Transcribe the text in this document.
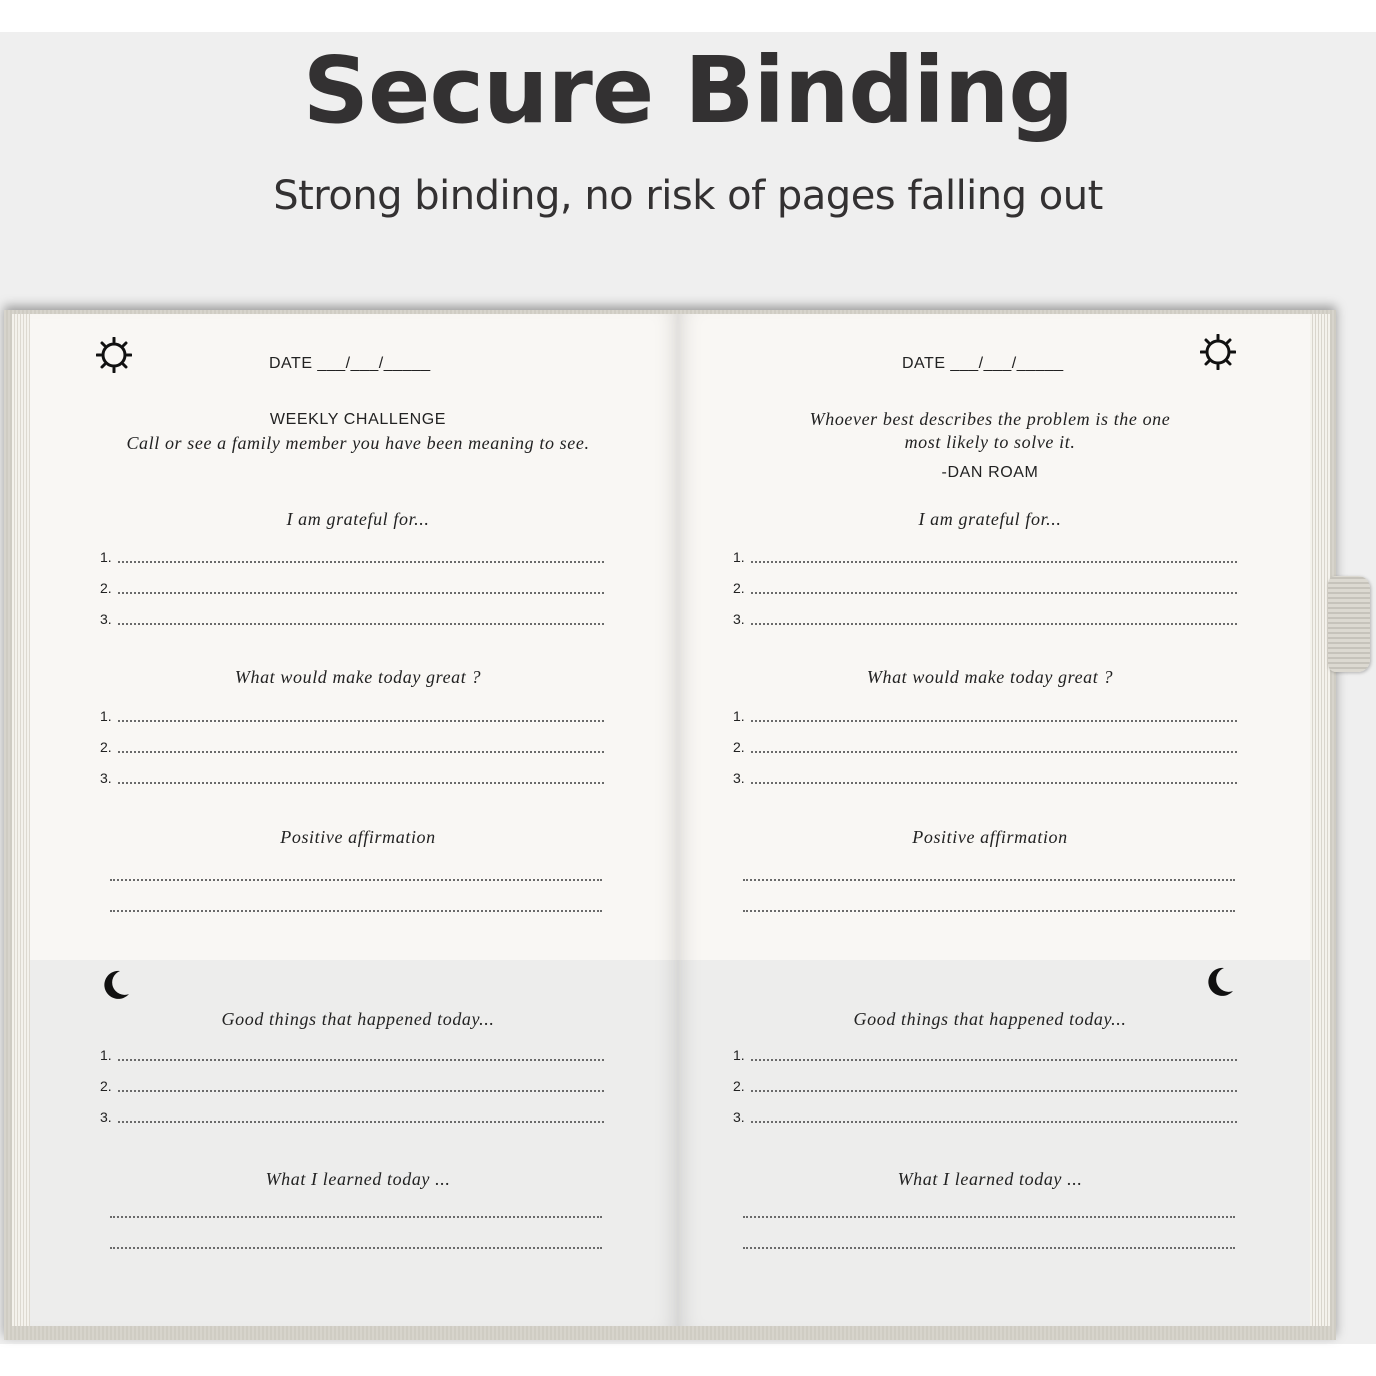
Secure Binding
Strong binding, no risk of pages falling out
DATE ___/___/_____
WEEKLY CHALLENGE
Call or see a family member you have been meaning to see.
I am grateful for...
1.
2.
3.
What would make today great ?
1.
2.
3.
Positive affirmation
Good things that happened today...
1.
2.
3.
What I learned today ...
DATE ___/___/_____
Whoever best describes the problem is the one
most likely to solve it.
-DAN ROAM
I am grateful for...
1.
2.
3.
What would make today great ?
1.
2.
3.
Positive affirmation
Good things that happened today...
1.
2.
3.
What I learned today ...
